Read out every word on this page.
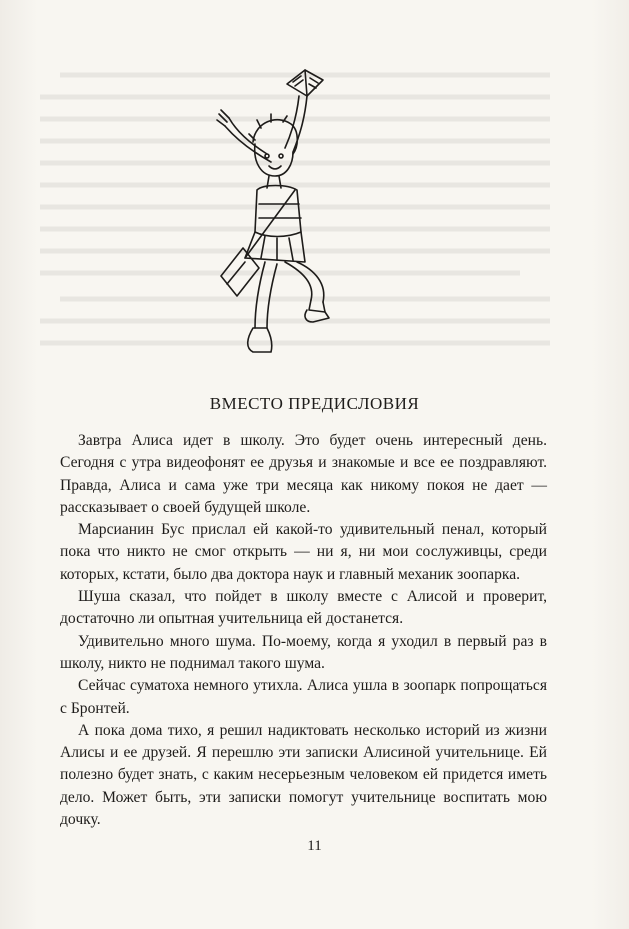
ВМЕСТО ПРЕДИСЛОВИЯ

Завтра Алиса идет в школу. Это будет очень интересный день. Сегодня с утра видеофонят ее друзья и знакомые и все ее поздравляют. Правда, Алиса и сама уже три месяца как никому покоя не дает — рассказывает о своей будущей школе.

Марсианин Бус прислал ей какой-то удивительный пенал, который пока что никто не смог открыть — ни я, ни мои сослуживцы, среди которых, кстати, было два доктора наук и главный механик зоопарка.

Шуша сказал, что пойдет в школу вместе с Алисой и проверит, достаточно ли опытная учительница ей достанется.

Удивительно много шума. По-моему, когда я уходил в первый раз в школу, никто не поднимал такого шума.

Сейчас суматоха немного утихла. Алиса ушла в зоопарк попрощаться с Бронтей.

А пока дома тихо, я решил надиктовать несколько историй из жизни Алисы и ее друзей. Я перешлю эти записки Алисиной учительнице. Ей полезно будет знать, с каким несерьезным человеком ей придется иметь дело. Может быть, эти записки помогут учительнице воспитать мою дочку.

11
